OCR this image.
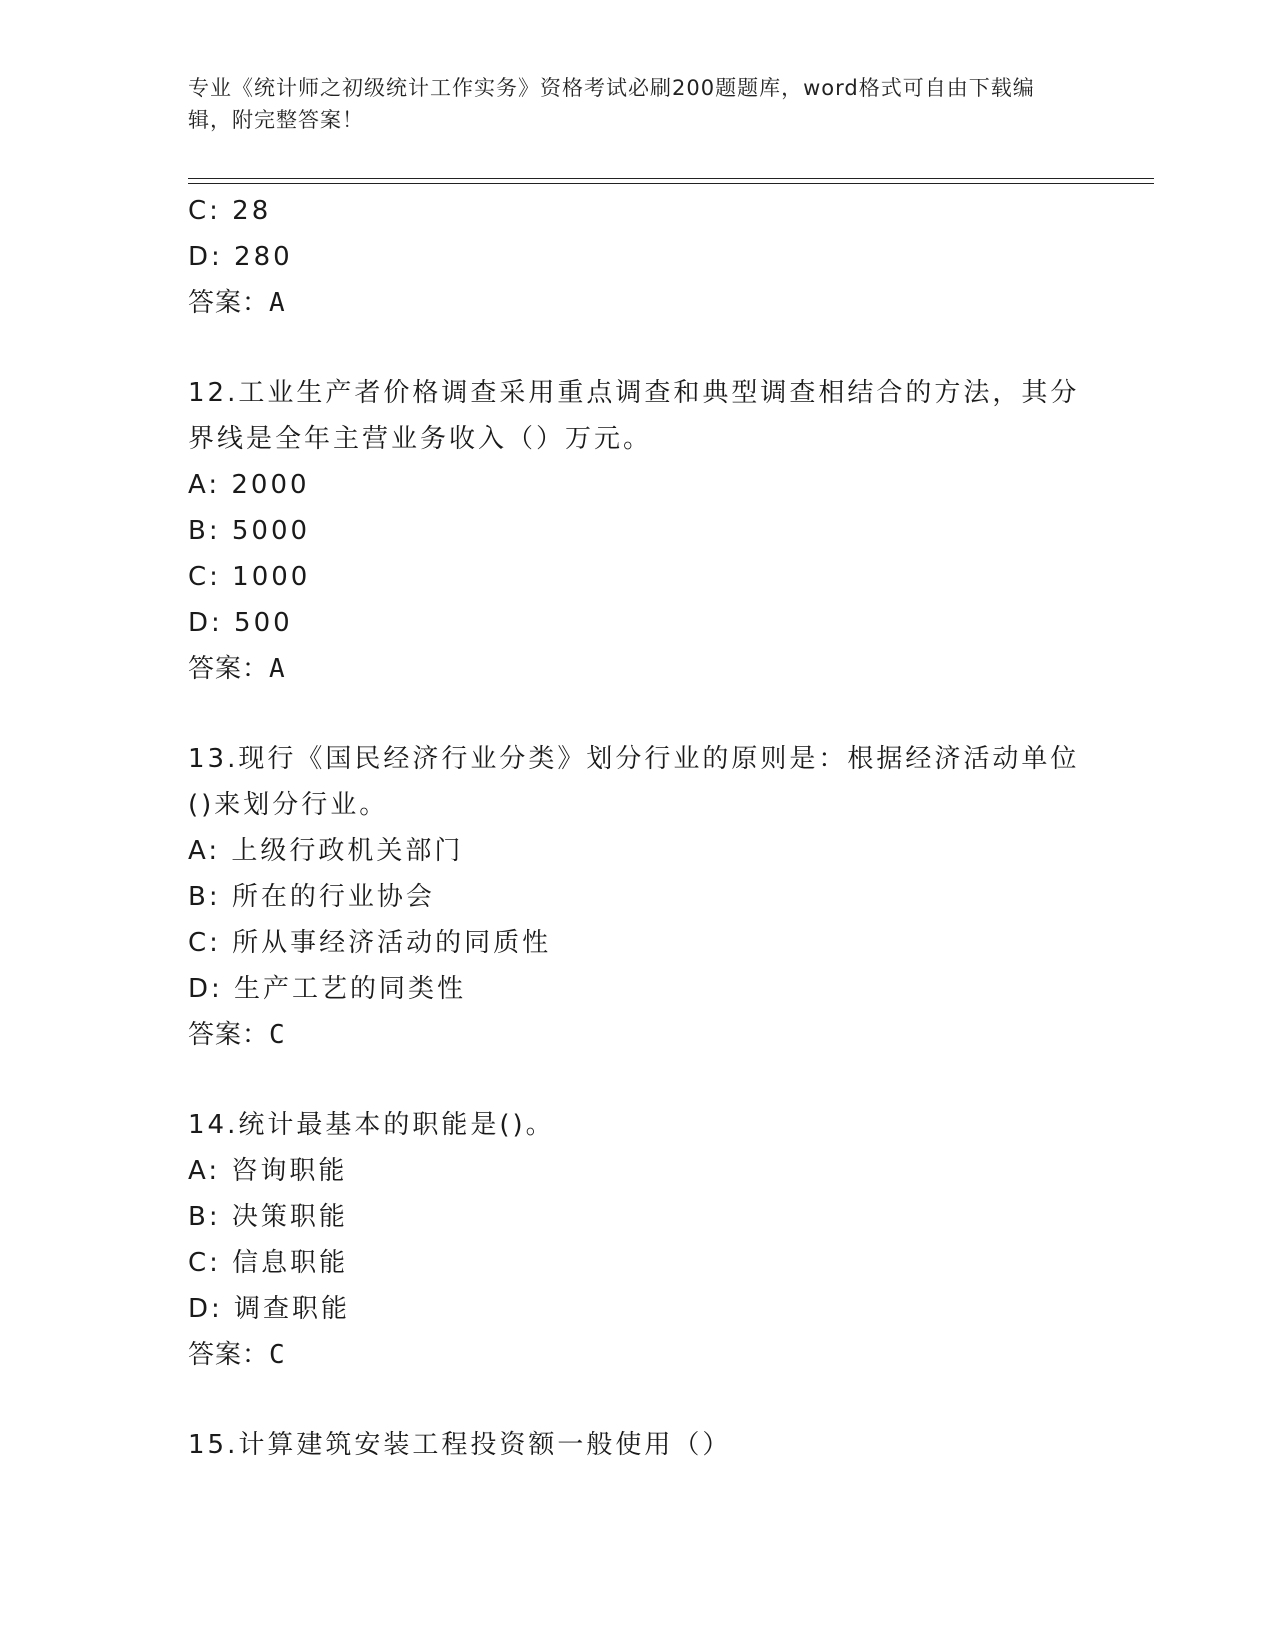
专业《统计师之初级统计工作实务》资格考试必刷200题题库，word格式可自由下载编辑，附完整答案！
C: 28
D: 280
答案：A
12.工业生产者价格调查采用重点调查和典型调查相结合的方法，其分
界线是全年主营业务收入（）万元。
A: 2000
B: 5000
C: 1000
D: 500
答案：A
13.现行《国民经济行业分类》划分行业的原则是：根据经济活动单位
()来划分行业。
A: 上级行政机关部门
B: 所在的行业协会
C: 所从事经济活动的同质性
D: 生产工艺的同类性
答案：C
14.统计最基本的职能是()。
A: 咨询职能
B: 决策职能
C: 信息职能
D: 调查职能
答案：C
15.计算建筑安装工程投资额一般使用（）
